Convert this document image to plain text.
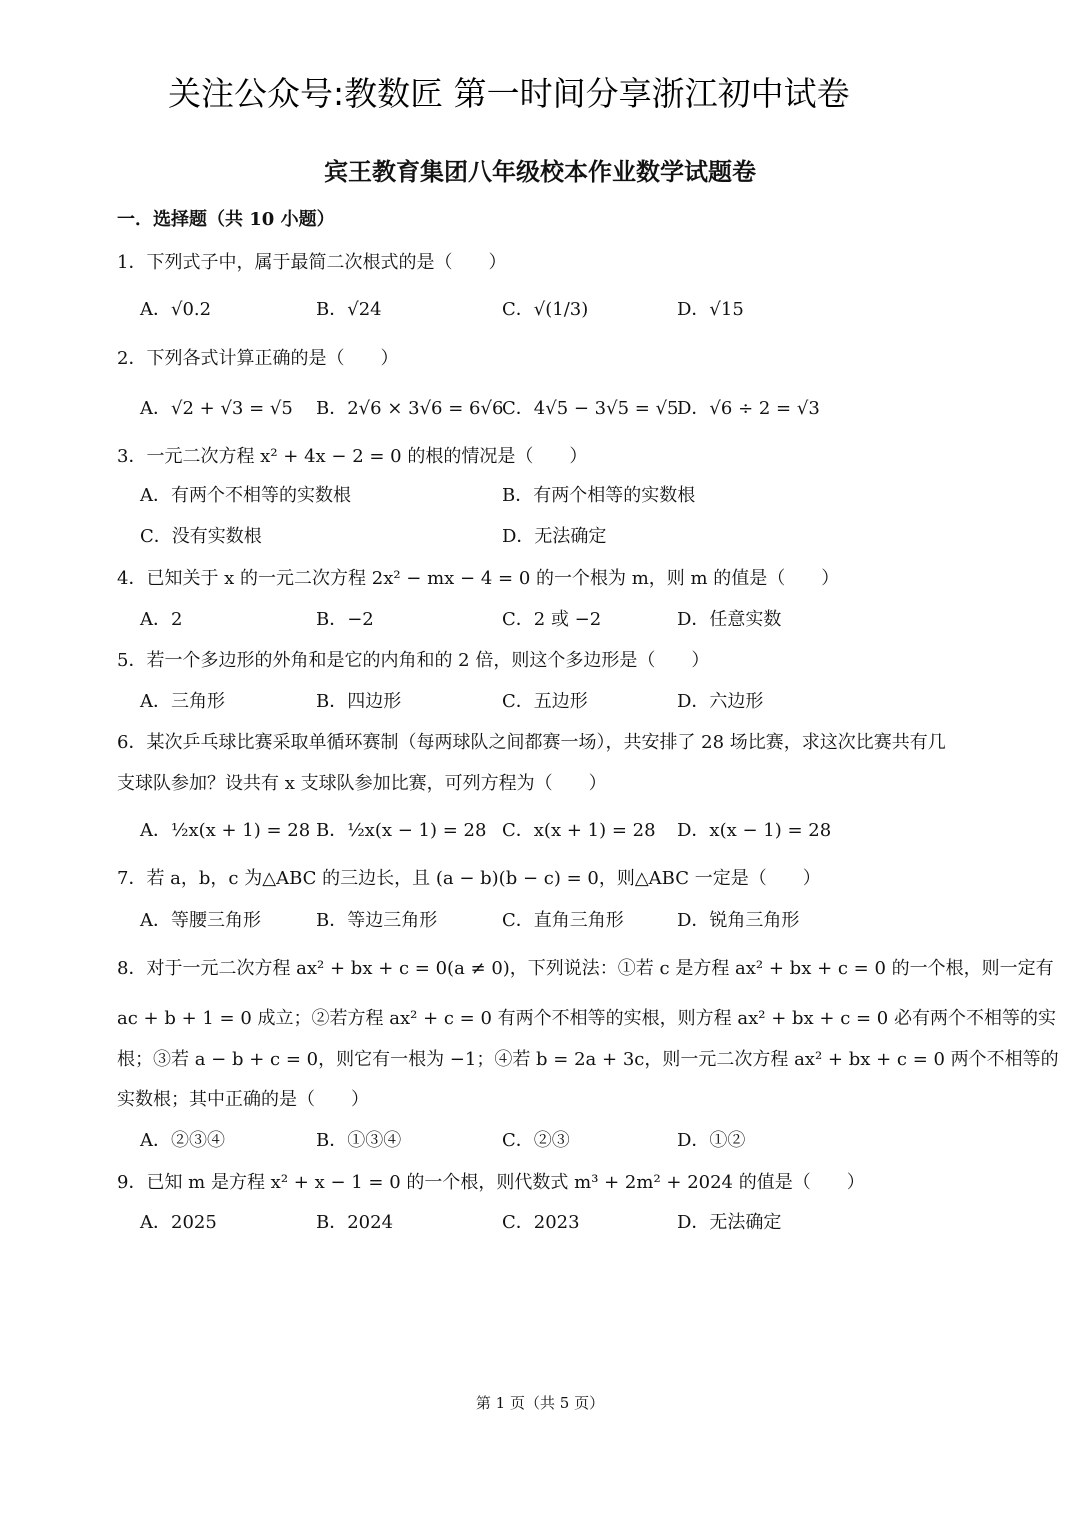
关注公众号:教数匠 第一时间分享浙江初中试卷
宾王教育集团八年级校本作业数学试题卷
一．选择题（共 10 小题）
1．下列式子中，属于最简二次根式的是（　　）
A．√0.2	B．√24	C．√(1/3)	D．√15
2．下列各式计算正确的是（　　）
A．√2 + √3 = √5 B．2√6 × 3√6 = 6√6
C．4√5 − 3√5 = √5
D．√6 ÷ 2 = √3
3．一元二次方程 x² + 4x − 2 = 0 的根的情况是（　　）
A．有两个不相等的实数根	B．有两个相等的实数根
C．没有实数根	D．无法确定
4．已知关于 x 的一元二次方程 2x² − mx − 4 = 0 的一个根为 m，则 m 的值是（　　）
A．2	B．−2	C．2 或 −2	D．任意实数
5．若一个多边形的外角和是它的内角和的 2 倍，则这个多边形是（　　）
A．三角形	B．四边形	C．五边形	D．六边形
6．某次乒乓球比赛采取单循环赛制（每两球队之间都赛一场），共安排了 28 场比赛，求这次比赛共有几
支球队参加？设共有 x 支球队参加比赛，可列方程为（　　）
A．½x(x + 1) = 28 B．½x(x − 1) = 28 C．x(x + 1) = 28 D．x(x − 1) = 28
7．若 a，b，c 为△ABC 的三边长，且 (a − b)(b − c) = 0，则△ABC 一定是（　　）
A．等腰三角形	B．等边三角形	C．直角三角形	D．锐角三角形
8．对于一元二次方程 ax² + bx + c = 0(a ≠ 0)，下列说法：①若 c 是方程 ax² + bx + c = 0 的一个根，则一定有
ac + b + 1 = 0 成立；②若方程 ax² + c = 0 有两个不相等的实根，则方程 ax² + bx + c = 0 必有两个不相等的实
根；③若 a − b + c = 0，则它有一根为 −1；④若 b = 2a + 3c，则一元二次方程 ax² + bx + c = 0 两个不相等的
实数根；其中正确的是（　　）
A．②③④	B．①③④	C．②③	D．①②
9．已知 m 是方程 x² + x − 1 = 0 的一个根，则代数式 m³ + 2m² + 2024 的值是（　　）
A．2025	B．2024	C．2023	D．无法确定
第 1 页（共 5 页）
